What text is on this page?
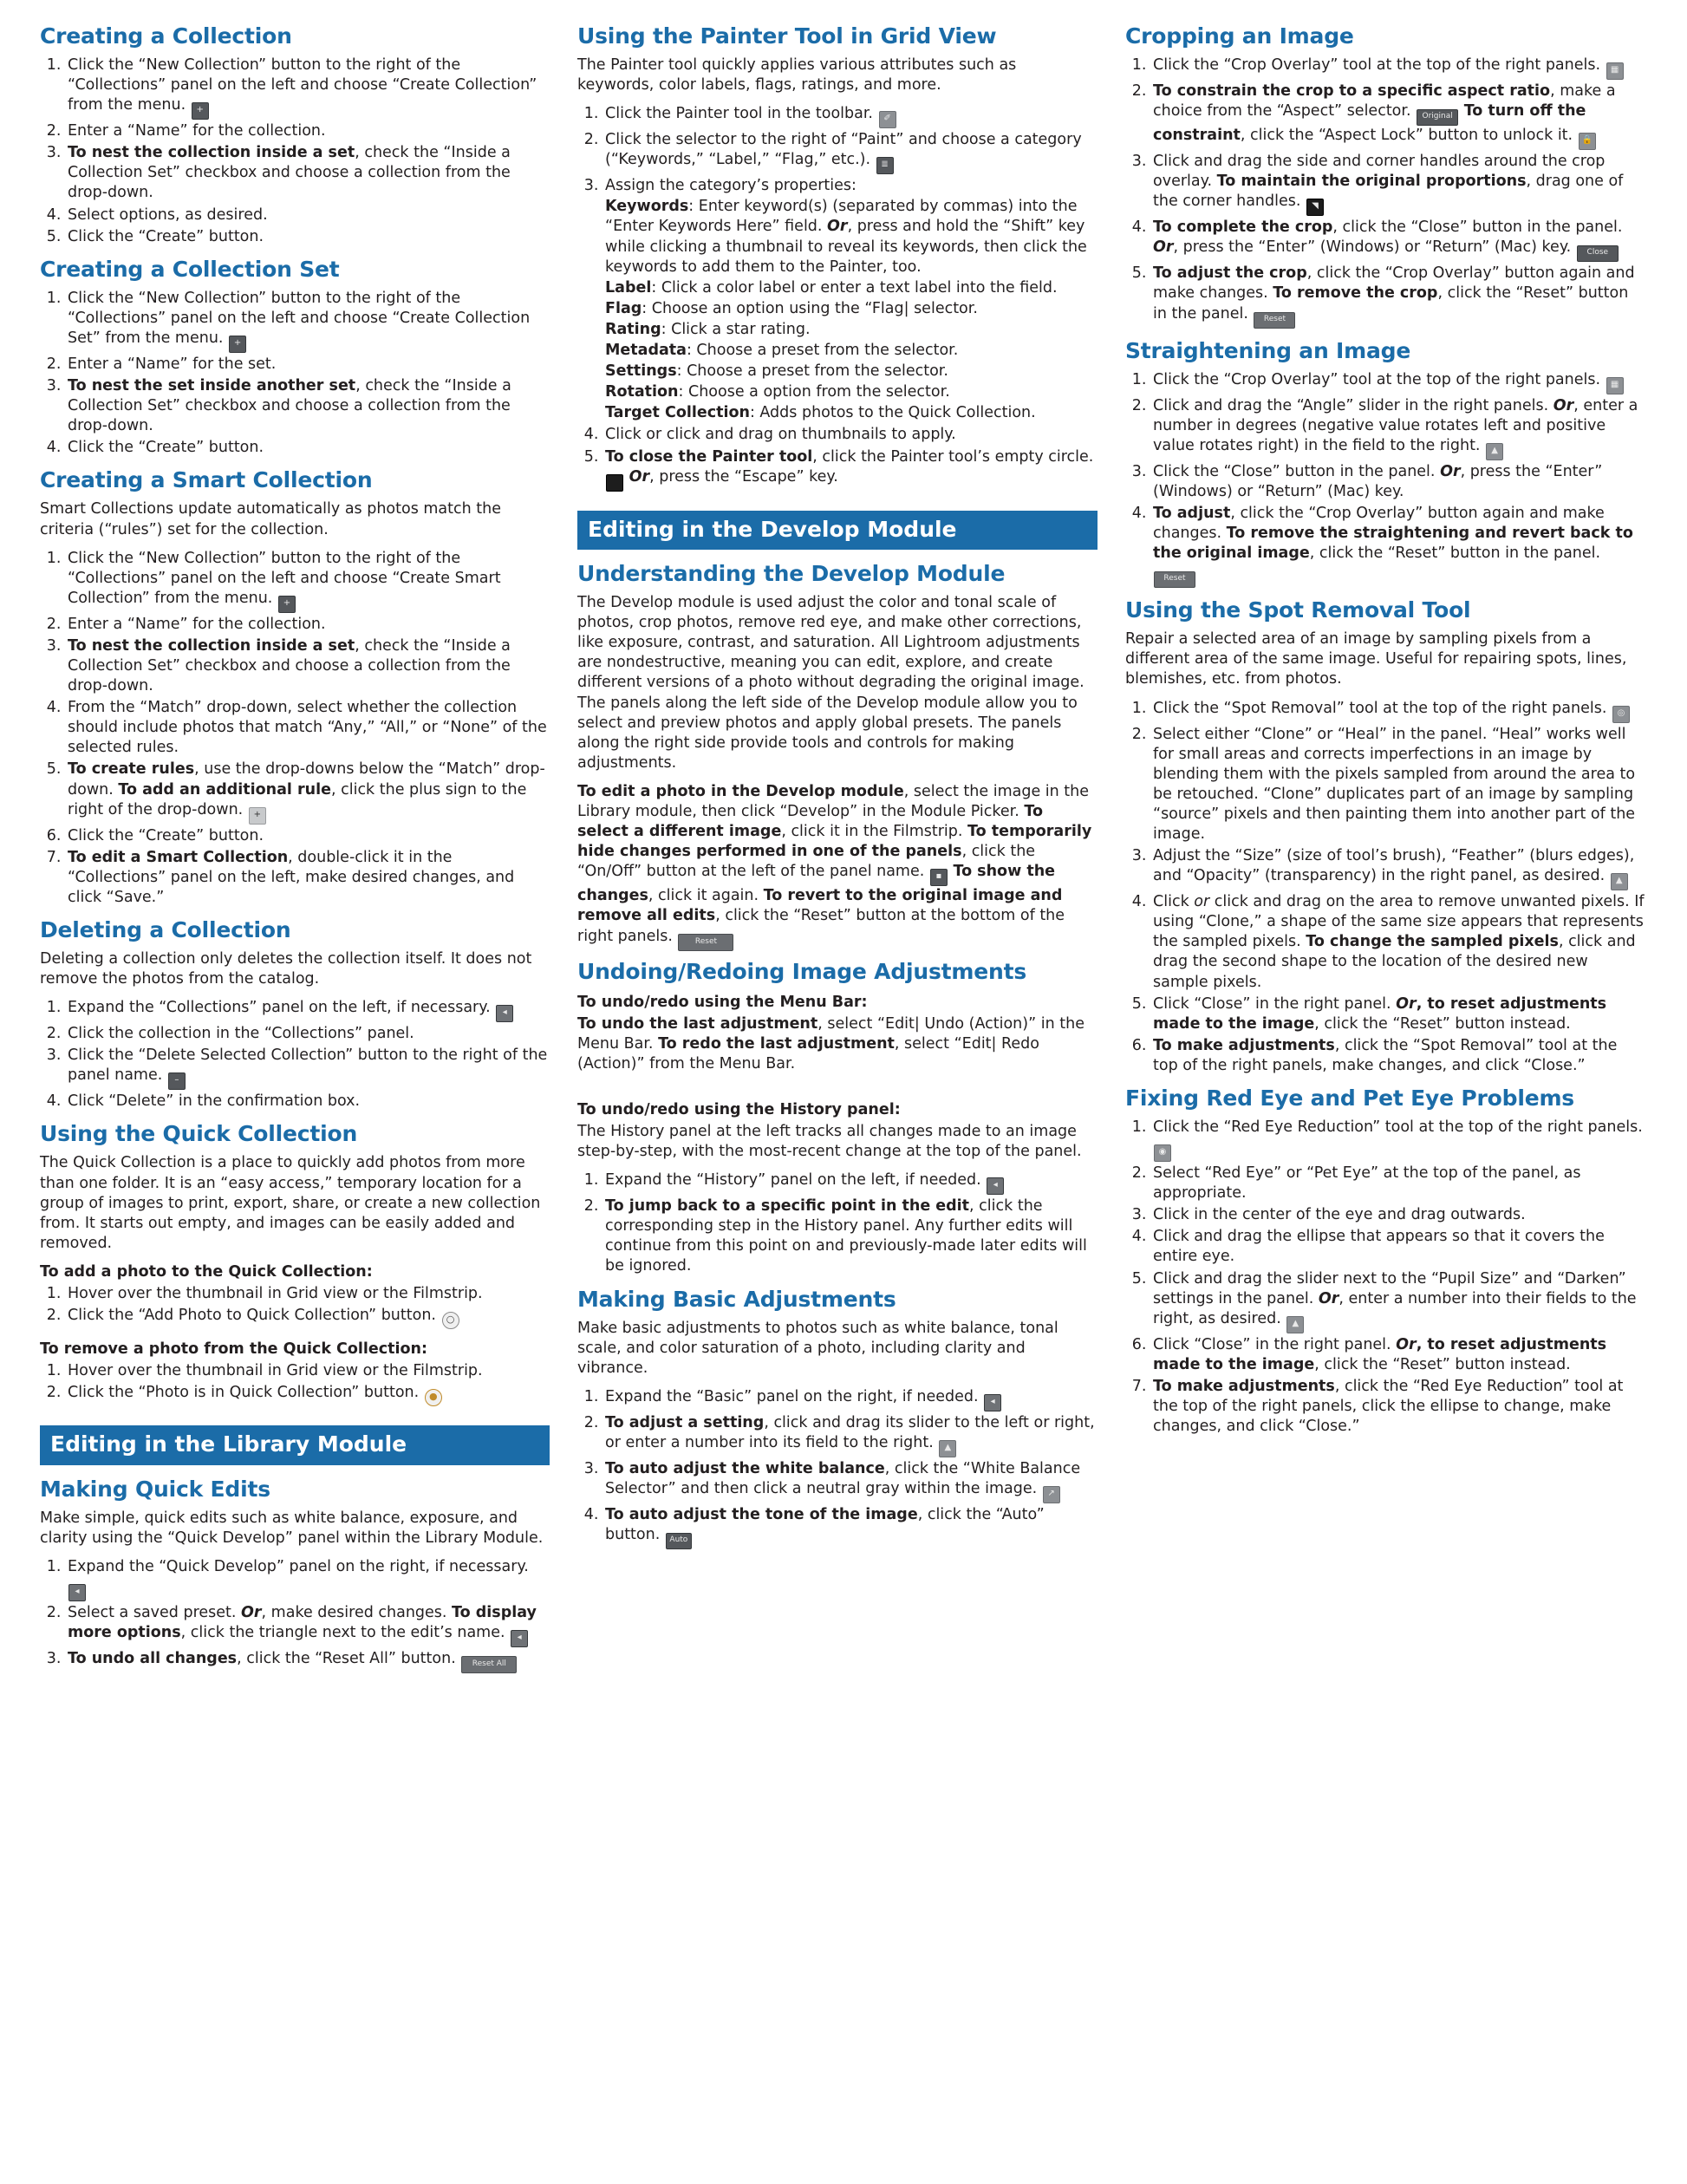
Creating a Collection
1. Click the “New Collection” button to the right of the “Collections” panel on the left and choose “Create Collection” from the menu. +
2. Enter a “Name” for the collection.
3. To nest the collection inside a set, check the “Inside a Collection Set” checkbox and choose a collection from the drop-down.
4. Select options, as desired.
5. Click the “Create” button.
Creating a Collection Set
1. Click the “New Collection” button to the right of the “Collections” panel on the left and choose “Create Collection Set” from the menu. +
2. Enter a “Name” for the set.
3. To nest the set inside another set, check the “Inside a Collection Set” checkbox and choose a collection from the drop-down.
4. Click the “Create” button.
Creating a Smart Collection

Smart Collections update automatically as photos match the criteria (“rules”) set for the collection.

1. Click the “New Collection” button to the right of the “Collections” panel on the left and choose “Create Smart Collection” from the menu. +
2. Enter a “Name” for the collection.
3. To nest the collection inside a set, check the “Inside a Collection Set” checkbox and choose a collection from the drop-down.
4. From the “Match” drop-down, select whether the collection should include photos that match “Any,” “All,” or “None” of the selected rules.
5. To create rules, use the drop-downs below the “Match” drop-down. To add an additional rule, click the plus sign to the right of the drop-down. +
6. Click the “Create” button.
7. To edit a Smart Collection, double-click it in the “Collections” panel on the left, make desired changes, and click “Save.”
Deleting a Collection

Deleting a collection only deletes the collection itself. It does not remove the photos from the catalog.

1. Expand the “Collections” panel on the left, if necessary. ◂
2. Click the collection in the “Collections” panel.
3. Click the “Delete Selected Collection” button to the right of the panel name. –
4. Click “Delete” in the confirmation box.
Using the Quick Collection

The Quick Collection is a place to quickly add photos from more than one folder. It is an “easy access,” temporary location for a group of images to print, export, share, or create a new collection from. It starts out empty, and images can be easily added and removed.

To add a photo to the Quick Collection:
1. Hover over the thumbnail in Grid view or the Filmstrip.
2. Click the “Add Photo to Quick Collection” button. ○
To remove a photo from the Quick Collection:
1. Hover over the thumbnail in Grid view or the Filmstrip.
2. Click the “Photo is in Quick Collection” button. ●
Editing in the Library Module
Making Quick Edits

Make simple, quick edits such as white balance, exposure, and clarity using the “Quick Develop” panel within the Library Module.

1. Expand the “Quick Develop” panel on the right, if necessary. ◂
2. Select a saved preset. Or, make desired changes. To display more options, click the triangle next to the edit’s name. ◂
3. To undo all changes, click the “Reset All” button. Reset All
Using the Painter Tool in Grid View

The Painter tool quickly applies various attributes such as keywords, color labels, flags, ratings, and more.

1. Click the Painter tool in the toolbar. ✐
2. Click the selector to the right of “Paint” and choose a category (“Keywords,” “Label,” “Flag,” etc.). ≣
3. Assign the category’s properties:
Keywords: Enter keyword(s) (separated by commas) into the “Enter Keywords Here” field. Or, press and hold the “Shift” key while clicking a thumbnail to reveal its keywords, then click the keywords to add them to the Painter, too.
Label: Click a color label or enter a text label into the field.
Flag: Choose an option using the “Flag| selector.
Rating: Click a star rating.
Metadata: Choose a preset from the selector.
Settings: Choose a preset from the selector.
Rotation: Choose a option from the selector.
Target Collection: Adds photos to the Quick Collection.
4. Click or click and drag on thumbnails to apply.
5. To close the Painter tool, click the Painter tool’s empty circle.   Or, press the “Escape” key.
Editing in the Develop Module
Understanding the Develop Module

The Develop module is used adjust the color and tonal scale of photos, crop photos, remove red eye, and make other corrections, like exposure, contrast, and saturation. All Lightroom adjustments are nondestructive, meaning you can edit, explore, and create different versions of a photo without degrading the original image. The panels along the left side of the Develop module allow you to select and preview photos and apply global presets. The panels along the right side provide tools and controls for making adjustments.

To edit a photo in the Develop module, select the image in the Library module, then click “Develop” in the Module Picker. To select a different image, click it in the Filmstrip. To temporarily hide changes performed in one of the panels, click the “On/Off” button at the left of the panel name. ▪ To show the changes, click it again. To revert to the original image and remove all edits, click the “Reset” button at the bottom of the right panels. Reset

Undoing/Redoing Image Adjustments
To undo/redo using the Menu Bar:

To undo the last adjustment, select “Edit| Undo (Action)” in the Menu Bar. To redo the last adjustment, select “Edit| Redo (Action)” from the Menu Bar.

To undo/redo using the History panel:

The History panel at the left tracks all changes made to an image step-by-step, with the most-recent change at the top of the panel.

1. Expand the “History” panel on the left, if needed. ◂
2. To jump back to a specific point in the edit, click the corresponding step in the History panel. Any further edits will continue from this point on and previously-made later edits will be ignored.
Making Basic Adjustments

Make basic adjustments to photos such as white balance, tonal scale, and color saturation of a photo, including clarity and vibrance.

1. Expand the “Basic” panel on the right, if needed. ◂
2. To adjust a setting, click and drag its slider to the left or right, or enter a number into its field to the right. ▲
3. To auto adjust the white balance, click the “White Balance Selector” and then click a neutral gray within the image. ↗
4. To auto adjust the tone of the image, click the “Auto” button. Auto
Cropping an Image
1. Click the “Crop Overlay” tool at the top of the right panels. ▦
2. To constrain the crop to a specific aspect ratio, make a choice from the “Aspect” selector. Original To turn off the constraint, click the “Aspect Lock” button to unlock it. 🔒
3. Click and drag the side and corner handles around the crop overlay. To maintain the original proportions, drag one of the corner handles. ◥
4. To complete the crop, click the “Close” button in the panel. Or, press the “Enter” (Windows) or “Return” (Mac) key. Close
5. To adjust the crop, click the “Crop Overlay” button again and make changes. To remove the crop, click the “Reset” button in the panel. Reset
Straightening an Image
1. Click the “Crop Overlay” tool at the top of the right panels. ▦
2. Click and drag the “Angle” slider in the right panels. Or, enter a number in degrees (negative value rotates left and positive value rotates right) in the field to the right. ▲
3. Click the “Close” button in the panel. Or, press the “Enter” (Windows) or “Return” (Mac) key.
4. To adjust, click the “Crop Overlay” button again and make changes. To remove the straightening and revert back to the original image, click the “Reset” button in the panel. Reset
Using the Spot Removal Tool

Repair a selected area of an image by sampling pixels from a different area of the same image. Useful for repairing spots, lines, blemishes, etc. from photos.

1. Click the “Spot Removal” tool at the top of the right panels. ◎
2. Select either “Clone” or “Heal” in the panel. “Heal” works well for small areas and corrects imperfections in an image by blending them with the pixels sampled from around the area to be retouched. “Clone” duplicates part of an image by sampling “source” pixels and then painting them into another part of the image.
3. Adjust the “Size” (size of tool’s brush), “Feather” (blurs edges), and “Opacity” (transparency) in the right panel, as desired. ▲
4. Click or click and drag on the area to remove unwanted pixels. If using “Clone,” a shape of the same size appears that represents the sampled pixels. To change the sampled pixels, click and drag the second shape to the location of the desired new sample pixels.
5. Click “Close” in the right panel. Or, to reset adjustments made to the image, click the “Reset” button instead.
6. To make adjustments, click the “Spot Removal” tool at the top of the right panels, make changes, and click “Close.”
Fixing Red Eye and Pet Eye Problems
1. Click the “Red Eye Reduction” tool at the top of the right panels. ◉
2. Select “Red Eye” or “Pet Eye” at the top of the panel, as appropriate.
3. Click in the center of the eye and drag outwards.
4. Click and drag the ellipse that appears so that it covers the entire eye.
5. Click and drag the slider next to the “Pupil Size” and “Darken” settings in the panel. Or, enter a number into their fields to the right, as desired. ▲
6. Click “Close” in the right panel. Or, to reset adjustments made to the image, click the “Reset” button instead.
7. To make adjustments, click the “Red Eye Reduction” tool at the top of the right panels, click the ellipse to change, make changes, and click “Close.”
